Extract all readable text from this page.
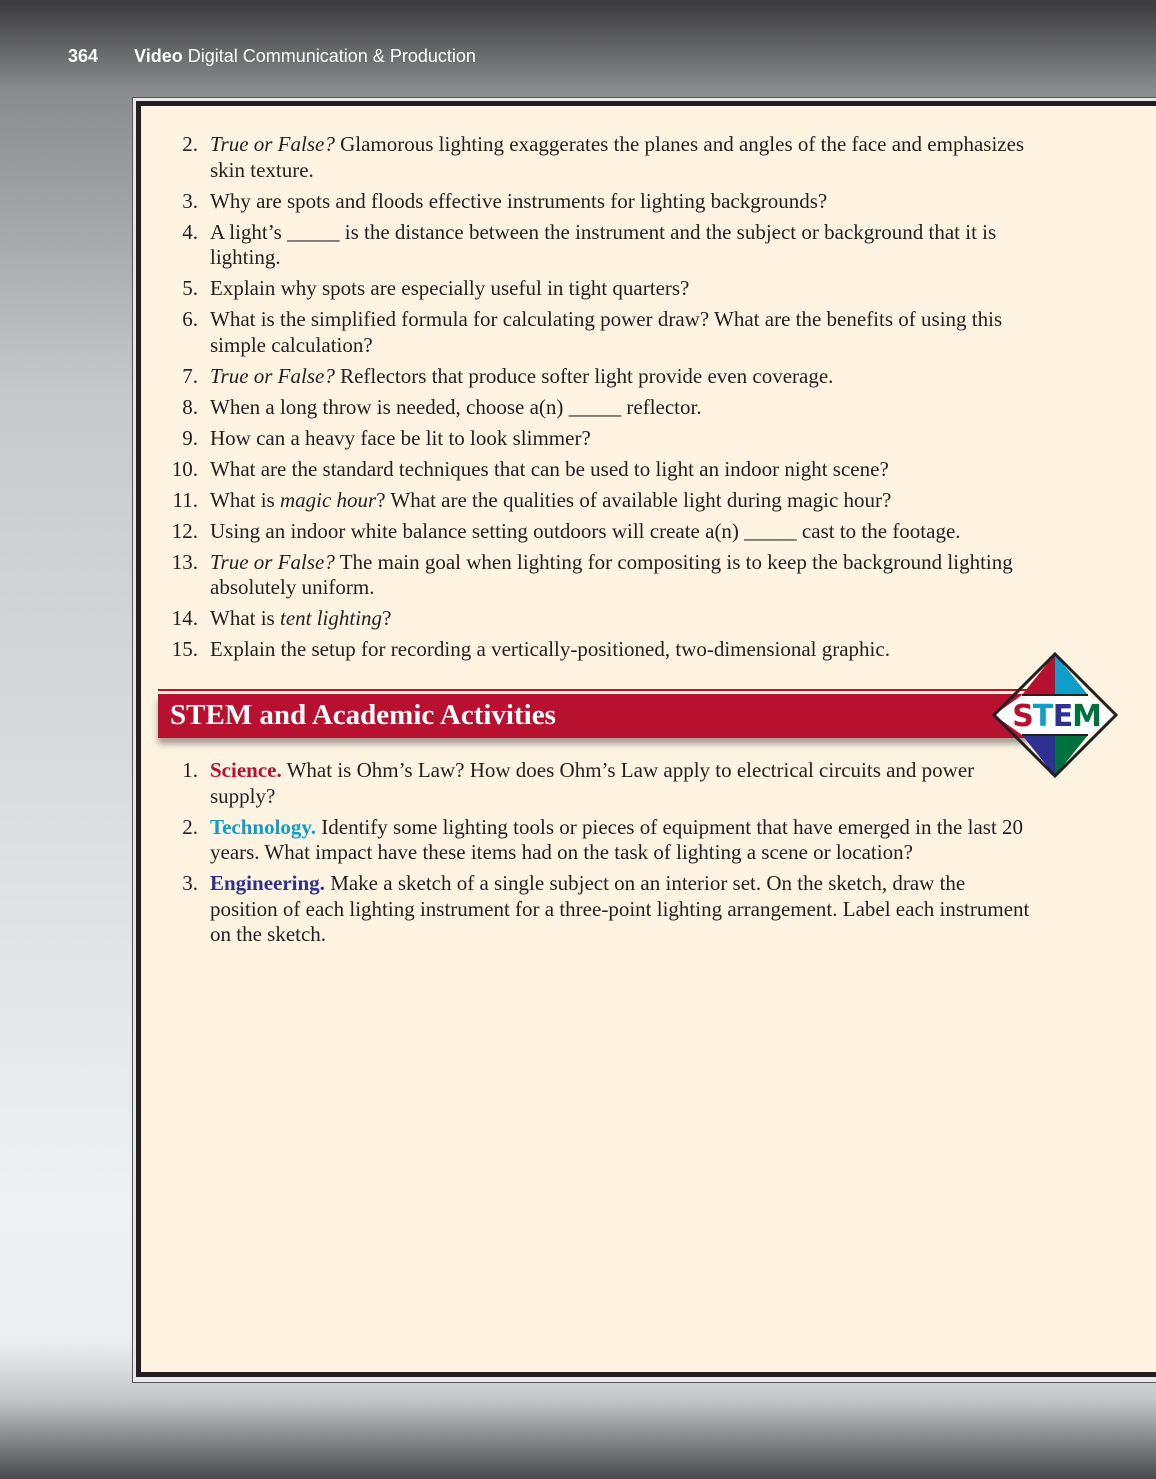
364 Video Digital Communication & Production
2. True or False? Glamorous lighting exaggerates the planes and angles of the face and emphasizes skin texture.
3. Why are spots and floods effective instruments for lighting backgrounds?
4. A light’s _____ is the distance between the instrument and the subject or background that it is lighting.
5. Explain why spots are especially useful in tight quarters?
6. What is the simplified formula for calculating power draw? What are the benefits of using this simple calculation?
7. True or False? Reflectors that produce softer light provide even coverage.
8. When a long throw is needed, choose a(n) _____ reflector.
9. How can a heavy face be lit to look slimmer?
10. What are the standard techniques that can be used to light an indoor night scene?
11. What is magic hour? What are the qualities of available light during magic hour?
12. Using an indoor white balance setting outdoors will create a(n) _____ cast to the footage.
13. True or False? The main goal when lighting for compositing is to keep the background lighting absolutely uniform.
14. What is tent lighting?
15. Explain the setup for recording a vertically-positioned, two-dimensional graphic.
STEM and Academic Activities	S
T E
M
1. Science. What is Ohm’s Law? How does Ohm’s Law apply to electrical circuits and power supply?
2. Technology. Identify some lighting tools or pieces of equipment that have emerged in the last 20 years. What impact have these items had on the task of lighting a scene or location?
3. Engineering. Make a sketch of a single subject on an interior set. On the sketch, draw the position of each lighting instrument for a three-point lighting arrangement. Label each instrument on the sketch.
